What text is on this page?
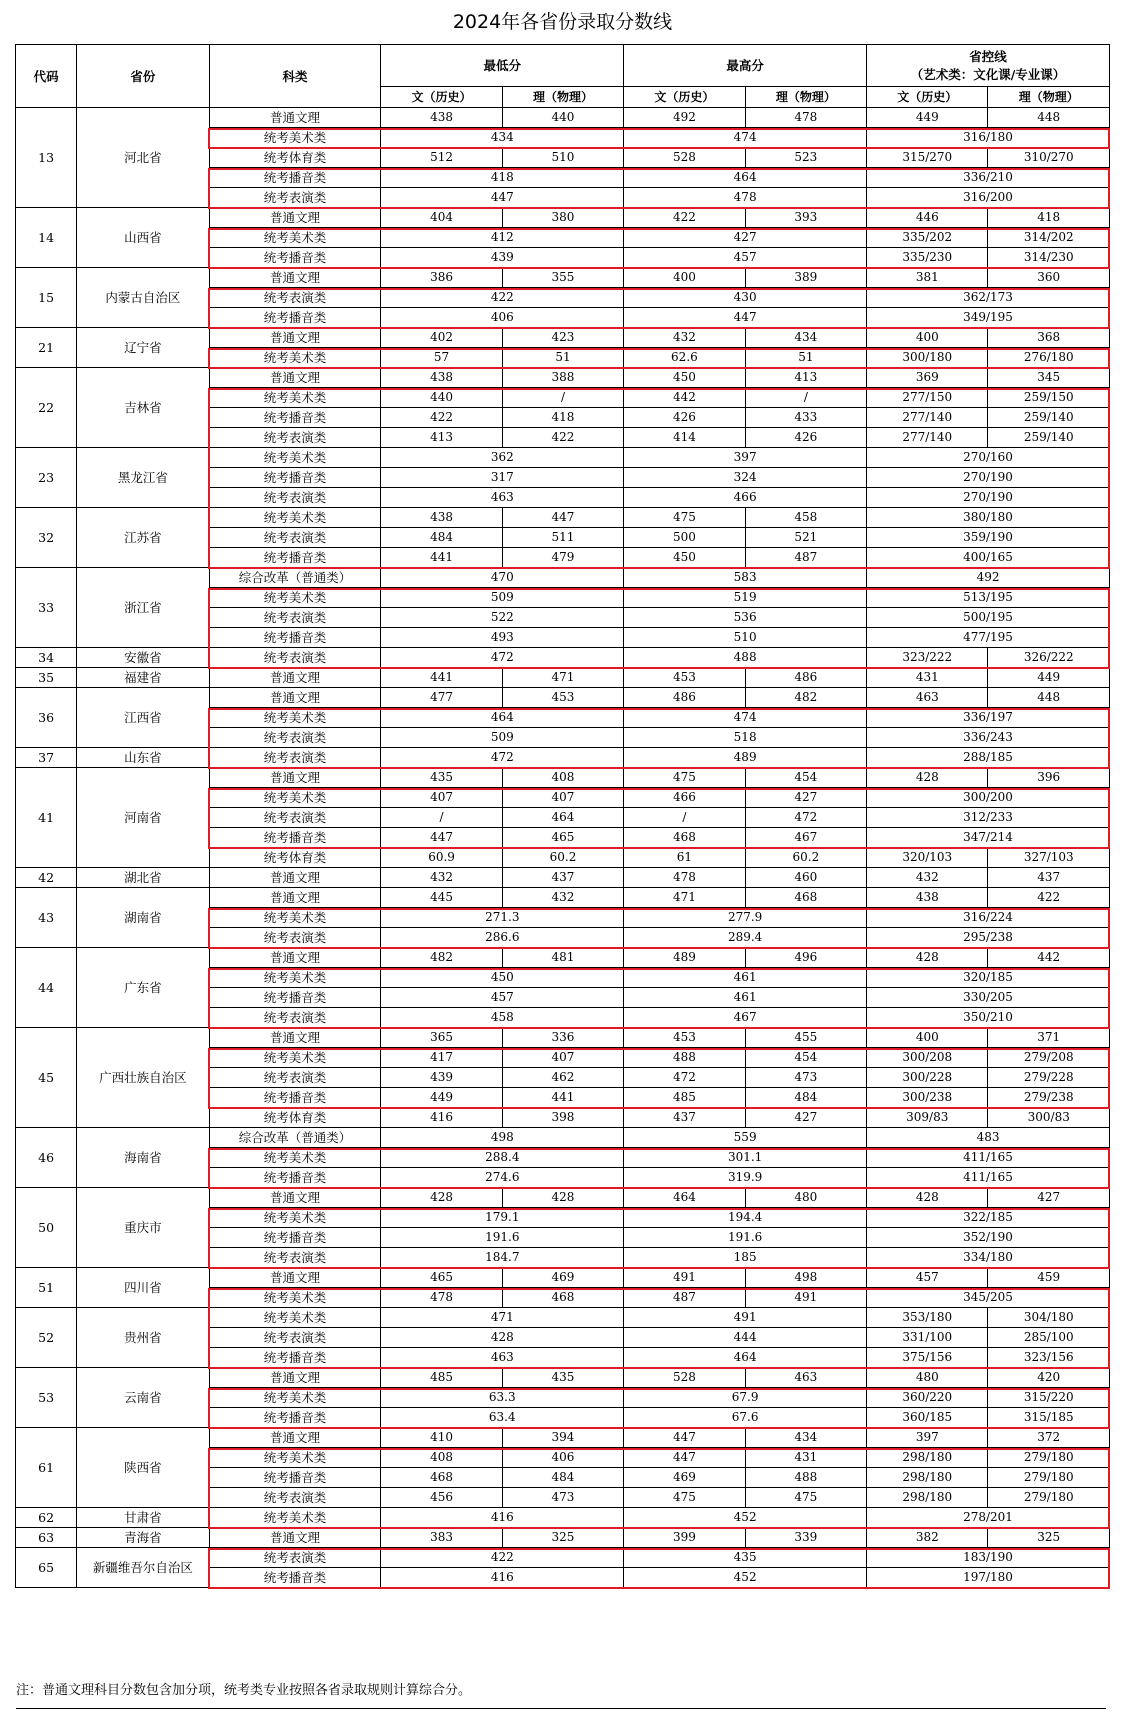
2024年各省份录取分数线
代码	省份	科类	最低分		最高分		省控线
（艺术类：文化课/专业课）	

			文（历史）	理（物理）	文（历史）	理（物理）	文（历史）	理（物理）
13	河北省	普通文理	438	440	492	478	449	448
		统考美术类	434		474		316/180	
		统考体育类	512	510	528	523	315/270	310/270
		统考播音类	418		464		336/210	
		统考表演类	447		478		316/200	
14	山西省	普通文理	404	380	422	393	446	418
		统考美术类	412		427		335/202	314/202
		统考播音类	439		457		335/230	314/230
15	内蒙古自治区	普通文理	386	355	400	389	381	360
		统考表演类	422		430		362/173	
		统考播音类	406		447		349/195	
21	辽宁省	普通文理	402	423	432	434	400	368
		统考美术类	57	51	62.6	51	300/180	276/180
22	吉林省	普通文理	438	388	450	413	369	345
		统考美术类	440	/	442	/	277/150	259/150
		统考播音类	422	418	426	433	277/140	259/140
		统考表演类	413	422	414	426	277/140	259/140
23	黑龙江省	统考美术类	362		397		270/160	
		统考播音类	317		324		270/190	
		统考表演类	463		466		270/190	
32	江苏省	统考美术类	438	447	475	458	380/180	
		统考表演类	484	511	500	521	359/190	
		统考播音类	441	479	450	487	400/165	
33	浙江省	综合改革（普通类）	470		583		492	
		统考美术类	509		519		513/195	
		统考表演类	522		536		500/195	
		统考播音类	493		510		477/195	
34	安徽省	统考表演类	472		488		323/222	326/222
35	福建省	普通文理	441	471	453	486	431	449
36	江西省	普通文理	477	453	486	482	463	448
		统考美术类	464		474		336/197	
		统考表演类	509		518		336/243	
37	山东省	统考表演类	472		489		288/185	
41	河南省	普通文理	435	408	475	454	428	396
		统考美术类	407	407	466	427	300/200	
		统考表演类	/	464	/	472	312/233	
		统考播音类	447	465	468	467	347/214	
		统考体育类	60.9	60.2	61	60.2	320/103	327/103
42	湖北省	普通文理	432	437	478	460	432	437
43	湖南省	普通文理	445	432	471	468	438	422
		统考美术类	271.3		277.9		316/224	
		统考表演类	286.6		289.4		295/238	
44	广东省	普通文理	482	481	489	496	428	442
		统考美术类	450		461		320/185	
		统考播音类	457		461		330/205	
		统考表演类	458		467		350/210	
45	广西壮族自治区	普通文理	365	336	453	455	400	371
		统考美术类	417	407	488	454	300/208	279/208
		统考表演类	439	462	472	473	300/228	279/228
		统考播音类	449	441	485	484	300/238	279/238
		统考体育类	416	398	437	427	309/83	300/83
46	海南省	综合改革（普通类）	498		559		483	
		统考美术类	288.4		301.1		411/165	
		统考播音类	274.6		319.9		411/165	
50	重庆市	普通文理	428	428	464	480	428	427
		统考美术类	179.1		194.4		322/185	
		统考播音类	191.6		191.6		352/190	
		统考表演类	184.7		185		334/180	
51	四川省	普通文理	465	469	491	498	457	459
		统考美术类	478	468	487	491	345/205	
52	贵州省	统考美术类	471		491		353/180	304/180
		统考表演类	428		444		331/100	285/100
		统考播音类	463		464		375/156	323/156
53	云南省	普通文理	485	435	528	463	480	420
		统考美术类	63.3		67.9		360/220	315/220
		统考播音类	63.4		67.6		360/185	315/185
61	陕西省	普通文理	410	394	447	434	397	372
		统考美术类	408	406	447	431	298/180	279/180
		统考播音类	468	484	469	488	298/180	279/180
		统考表演类	456	473	475	475	298/180	279/180
62	甘肃省	统考美术类	416		452		278/201	
63	青海省	普通文理	383	325	399	339	382	325
65	新疆维吾尔自治区	统考表演类	422		435		183/190	
		统考播音类	416		452		197/180	
注：普通文理科目分数包含加分项，统考类专业按照各省录取规则计算综合分。
